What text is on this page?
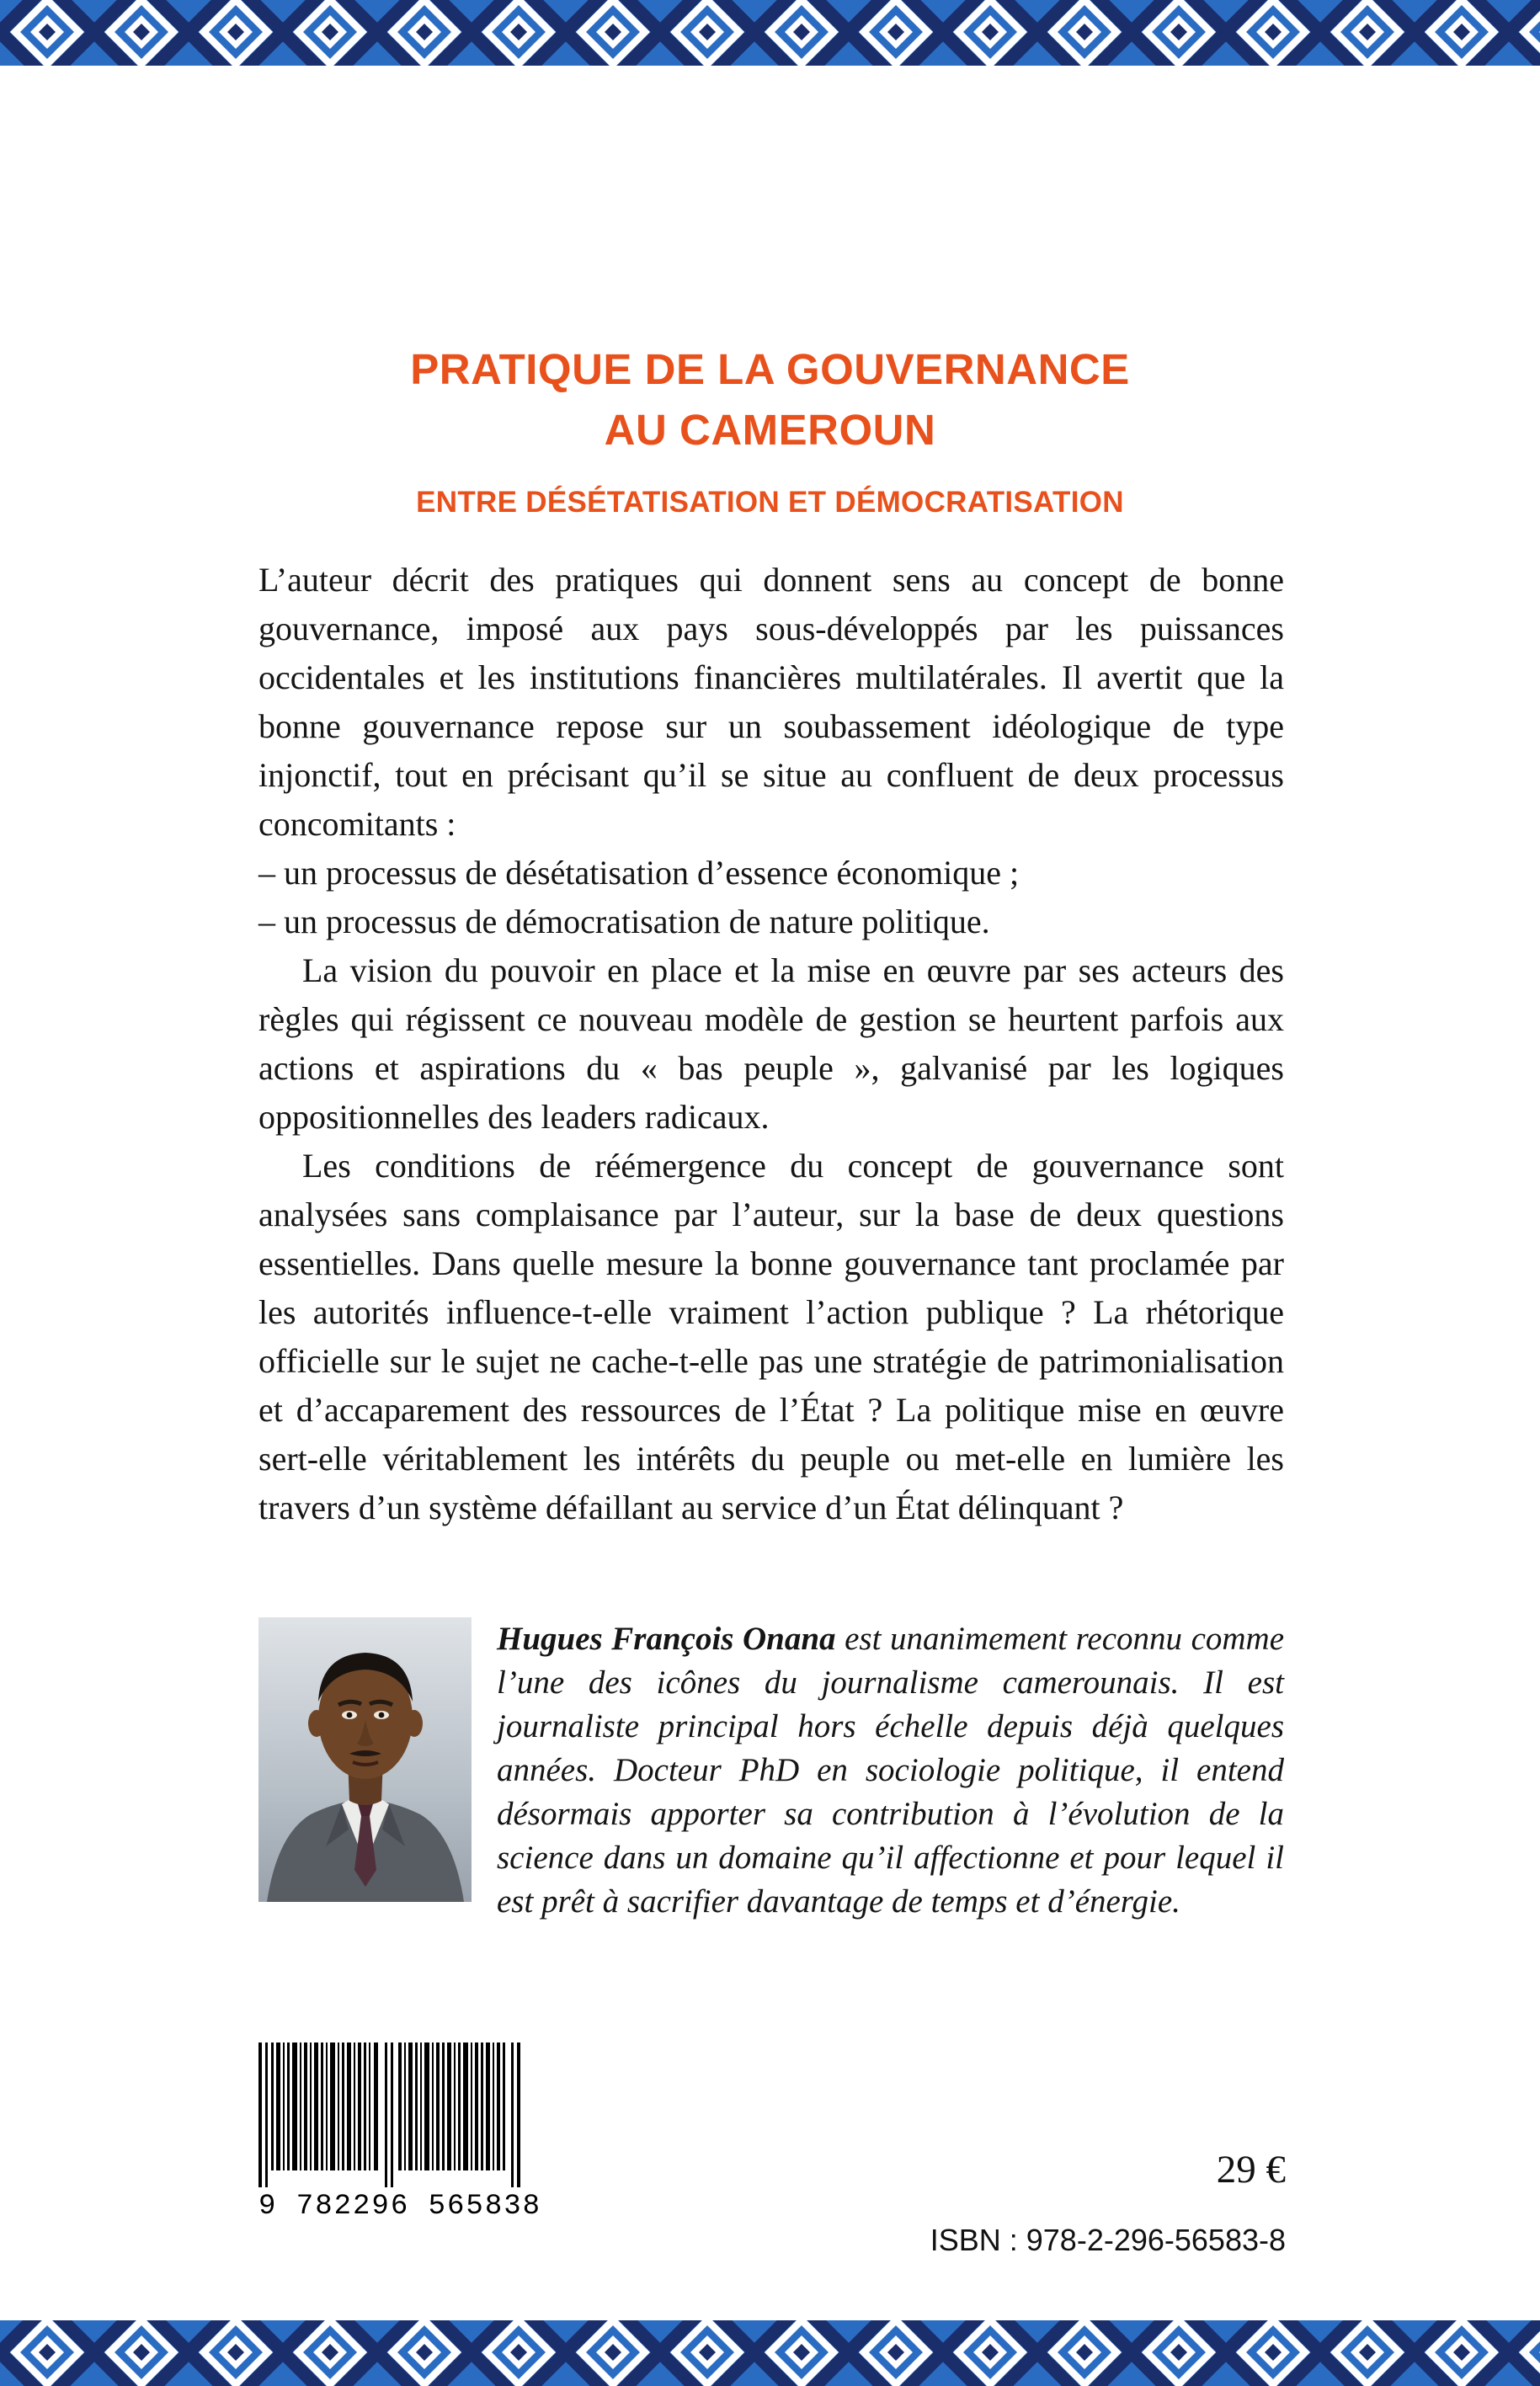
PRATIQUE DE LA GOUVERNANCE
AU CAMEROUN
ENTRE DÉSÉTATISATION ET DÉMOCRATISATION

L’auteur décrit des pratiques qui donnent sens au concept de bonne gouvernance, imposé aux pays sous-développés par les puissances occidentales et les institutions financières multilatérales. Il avertit que la bonne gouvernance repose sur un soubassement idéologique de type injonctif, tout en précisant qu’il se situe au confluent de deux processus concomitants :

– un processus de désétatisation d’essence économique ;

– un processus de démocratisation de nature politique.

La vision du pouvoir en place et la mise en œuvre par ses acteurs des règles qui régissent ce nouveau modèle de gestion se heurtent parfois aux actions et aspirations du « bas peuple », galvanisé par les logiques oppositionnelles des leaders radicaux.

Les conditions de réémergence du concept de gouvernance sont analysées sans complaisance par l’auteur, sur la base de deux questions essentielles. Dans quelle mesure la bonne gouvernance tant proclamée par les autorités influence-t-elle vraiment l’action publique ? La rhétorique officielle sur le sujet ne cache-t-elle pas une stratégie de patrimonialisation et d’accaparement des ressources de l’État ? La politique mise en œuvre sert-elle véritablement les intérêts du peuple ou met-elle en lumière les travers d’un système défaillant au service d’un État délinquant ?

Hugues François Onana est unanimement reconnu comme l’une des icônes du journalisme camerounais. Il est journaliste principal hors échelle depuis déjà quelques années. Docteur PhD en sociologie politique, il entend désormais apporter sa contribution à l’évolution de la science dans un domaine qu’il affectionne et pour lequel il est prêt à sacrifier davantage de temps et d’énergie.

9 782296 565838
29 €
ISBN : 978-2-296-56583-8
